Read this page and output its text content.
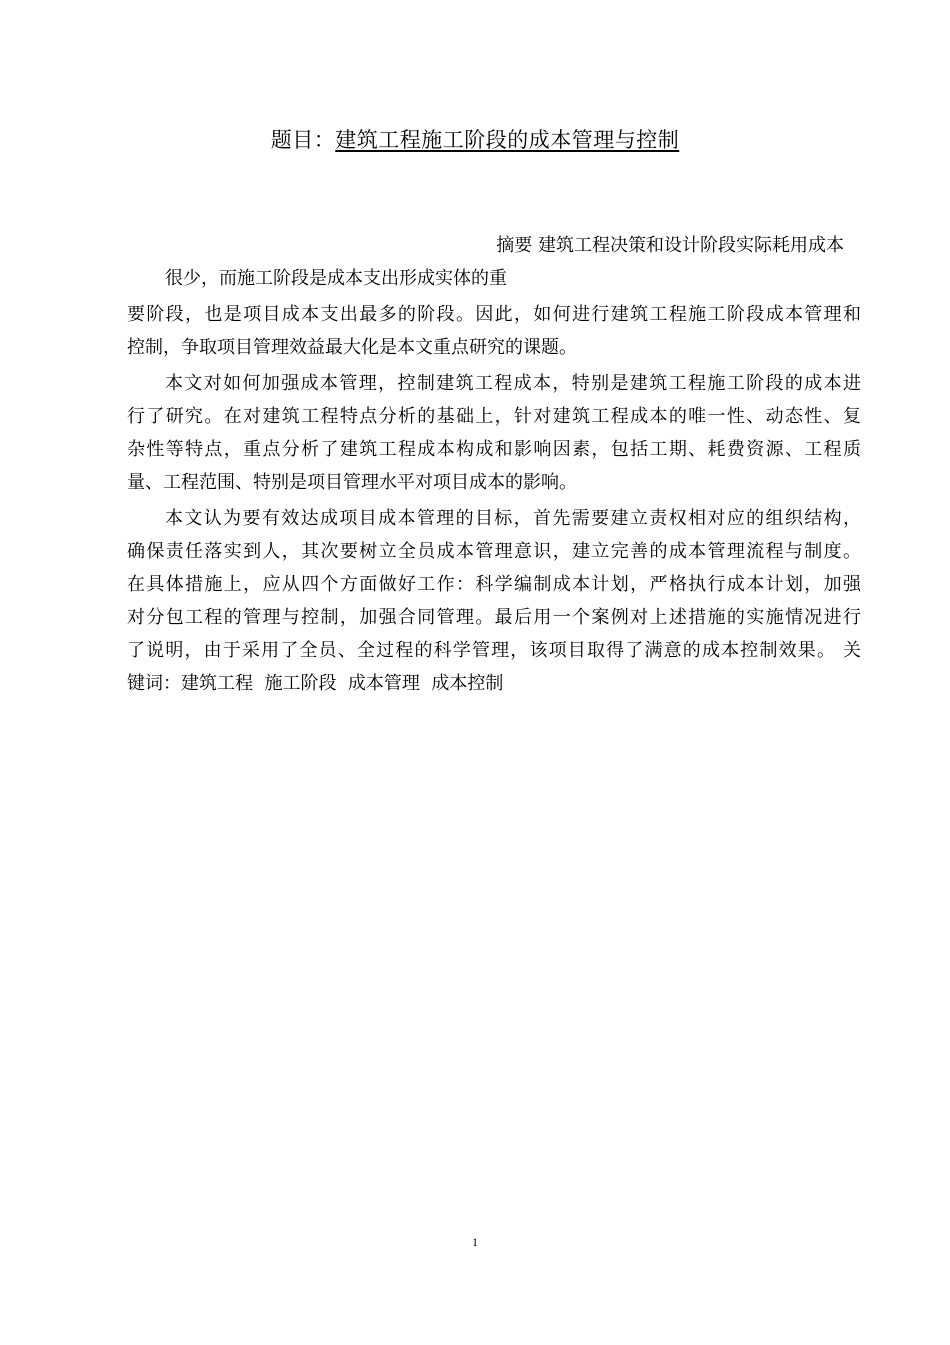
题目：建筑工程施工阶段的成本管理与控制
摘要 建筑工程决策和设计阶段实际耗用成本
很少，而施工阶段是成本支出形成实体的重
要阶段，也是项目成本支出最多的阶段。因此，如何进行建筑工程施工阶段成本管理和
控制，争取项目管理效益最大化是本文重点研究的课题。
本文对如何加强成本管理，控制建筑工程成本，特别是建筑工程施工阶段的成本进
行了研究。在对建筑工程特点分析的基础上，针对建筑工程成本的唯一性、动态性、复
杂性等特点，重点分析了建筑工程成本构成和影响因素，包括工期、耗费资源、工程质
量、工程范围、特别是项目管理水平对项目成本的影响。
本文认为要有效达成项目成本管理的目标，首先需要建立责权相对应的组织结构，
确保责任落实到人，其次要树立全员成本管理意识，建立完善的成本管理流程与制度。
在具体措施上，应从四个方面做好工作：科学编制成本计划，严格执行成本计划，加强
对分包工程的管理与控制，加强合同管理。最后用一个案例对上述措施的实施情况进行
了说明，由于采用了全员、全过程的科学管理，该项目取得了满意的成本控制效果。 关
键词：建筑工程  施工阶段  成本管理  成本控制
1
